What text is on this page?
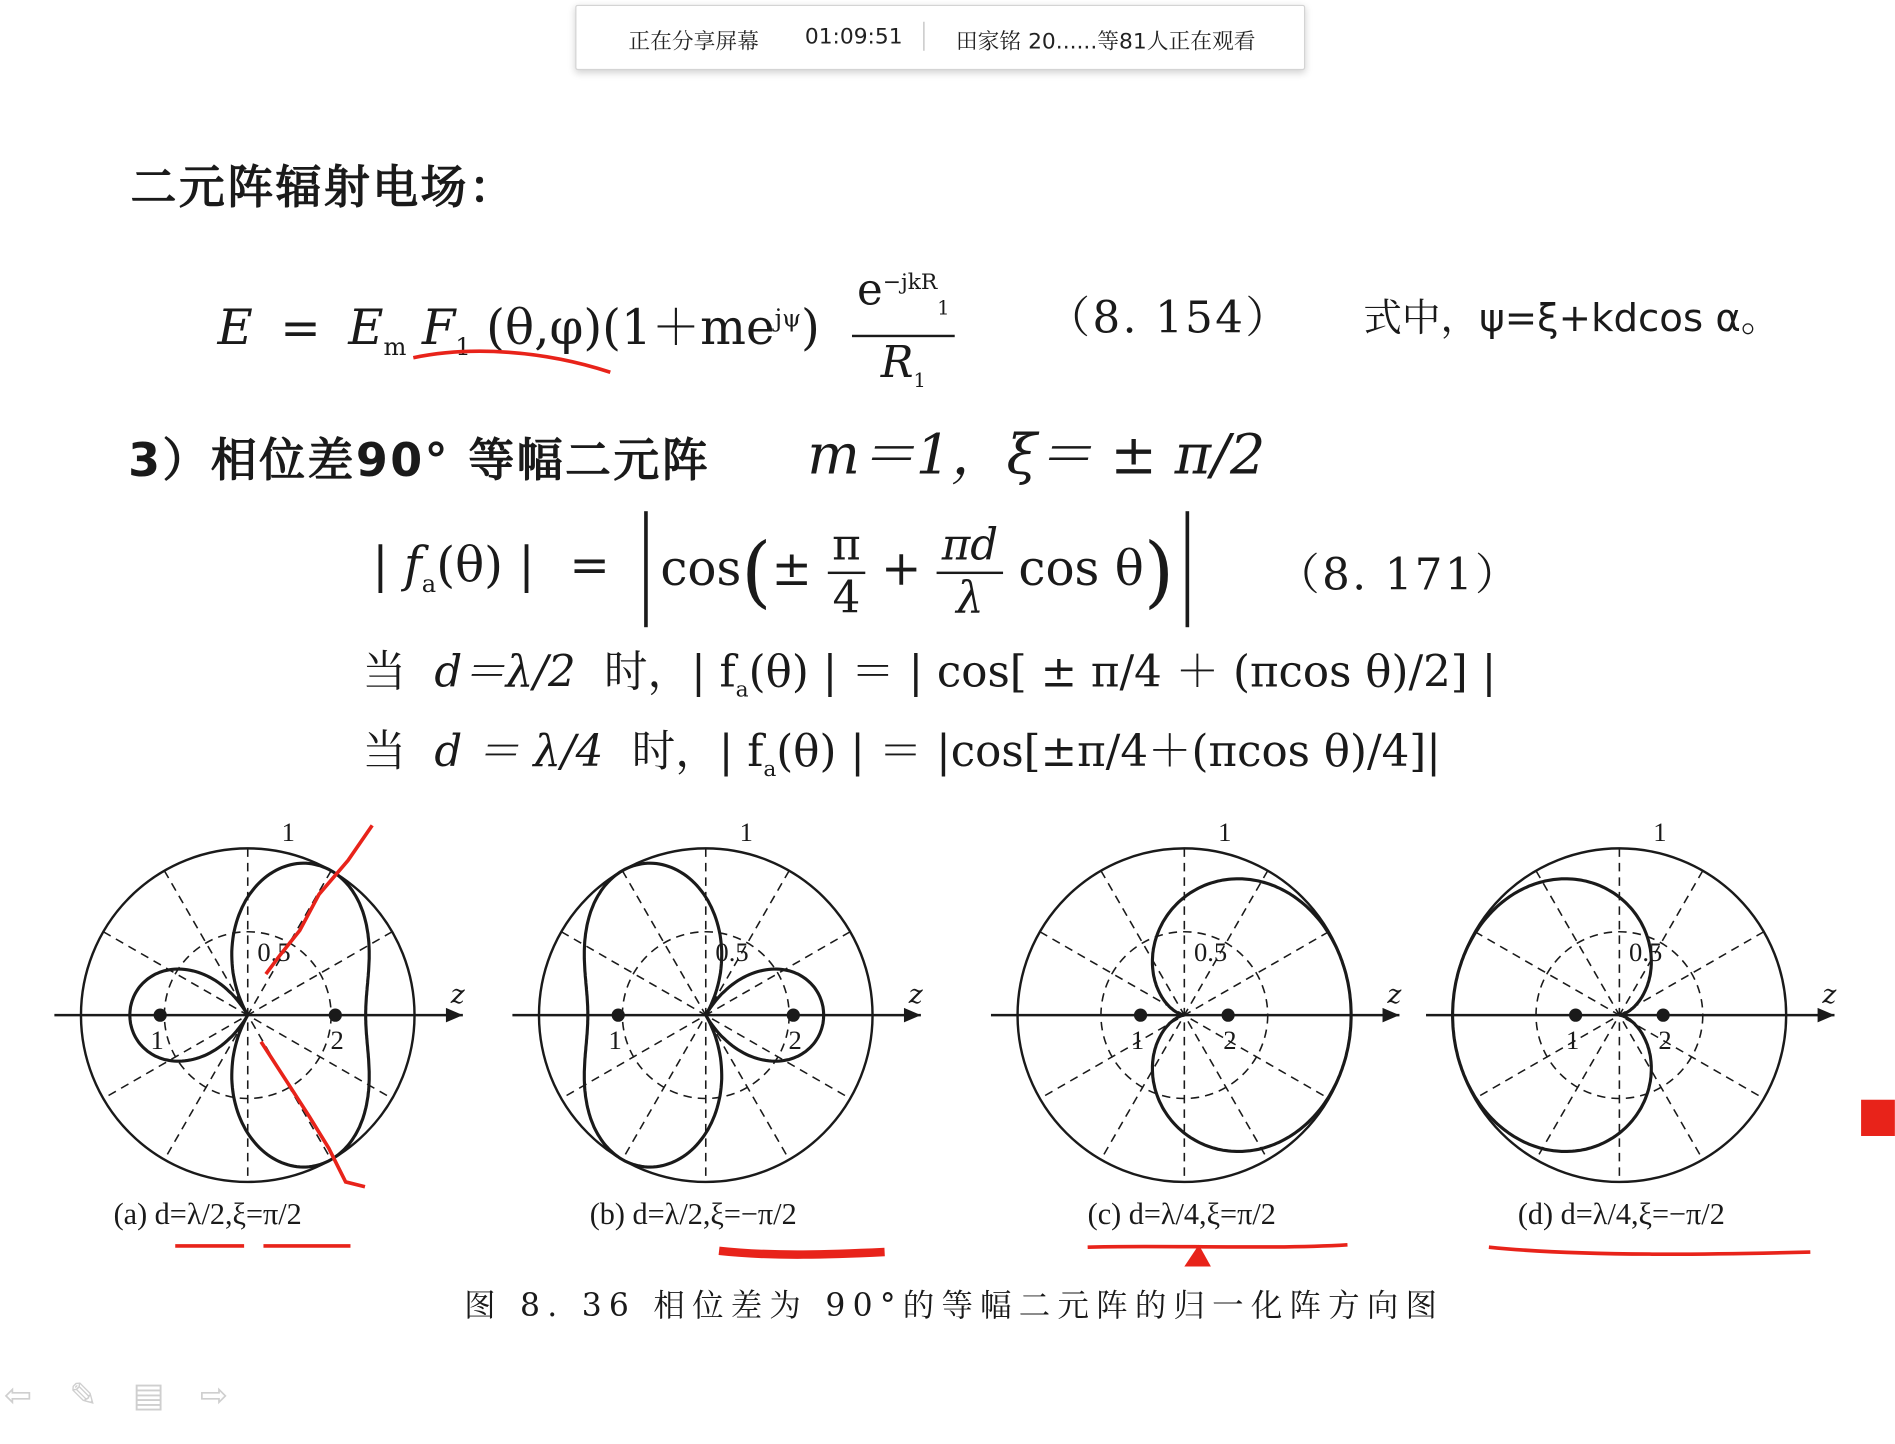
正在分享屏幕	01:09:51	田家铭 20......等81人正在观看
二元阵辐射电场：
$E = E_m$ $F_1$ $(\theta,\varphi)(1+me^{j\psi}) \frac{e^{-jkR}_1}{R_1}$	（8. 154） 式中，ψ=ξ+kdcos α。
3）相位差90° 等幅二元阵 m＝1，ξ＝ ± π/2
| $f_a(\theta)$ | = $\cos(\pm \frac{\pi}{4} + \frac{\pi d}{\lambda}$ cos θ)	（8. 171）
当 d＝λ/2 时，| $f_a(\theta)$ | ＝ | cos[ ± π/4 ＋ (πcos θ)/2] |
当 d ＝ λ/4 时，| $f_a(\theta)$ | ＝ |cos[±π/4＋(πcos θ)/4]|
z
1
0.5
1	2
z
1
0.5
1	2
z
1
0.5
1	2
z
1
0.5
1	2
(a) d=λ/2,ξ=π/2	(b) d=λ/2,ξ=−π/2	(c) d=λ/4,ξ=π/2	(d) d=λ/4,ξ=−π/2
图 8. 36 相位差为 90°的等幅二元阵的归一化阵方向图
⇦ ✎ ▤ ⇨
